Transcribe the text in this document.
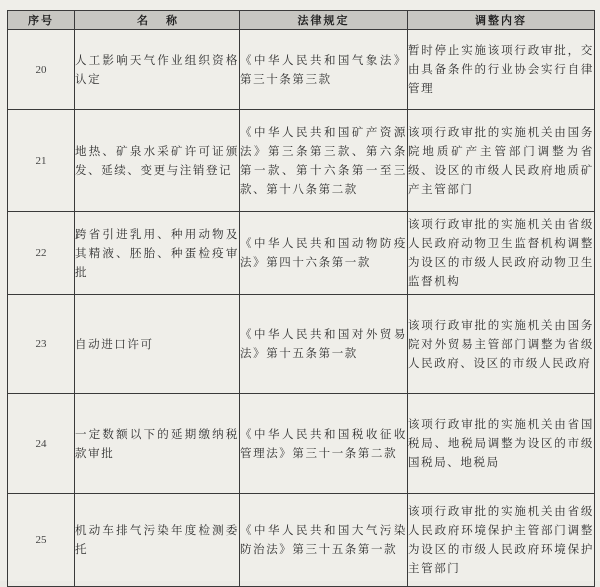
序号	名称	法律规定	调整内容
20	人工影响天气作业组织资格认定	《中华人民共和国气象法》第三十条第三款	暂时停止实施该项行政审批，交由具备条件的行业协会实行自律管理
21	地热、矿泉水采矿许可证颁发、延续、变更与注销登记	《中华人民共和国矿产资源法》第三条第三款、第六条第一款、第十六条第一至三款、第十八条第二款	该项行政审批的实施机关由国务院地质矿产主管部门调整为省级、设区的市级人民政府地质矿产主管部门
22	跨省引进乳用、种用动物及其精液、胚胎、种蛋检疫审批	《中华人民共和国动物防疫法》第四十六条第一款	该项行政审批的实施机关由省级人民政府动物卫生监督机构调整为设区的市级人民政府动物卫生监督机构
23	自动进口许可	《中华人民共和国对外贸易法》第十五条第一款	该项行政审批的实施机关由国务院对外贸易主管部门调整为省级人民政府、设区的市级人民政府
24	一定数额以下的延期缴纳税款审批	《中华人民共和国税收征收管理法》第三十一条第二款	该项行政审批的实施机关由省国税局、地税局调整为设区的市级国税局、地税局
25	机动车排气污染年度检测委托	《中华人民共和国大气污染防治法》第三十五条第一款	该项行政审批的实施机关由省级人民政府环境保护主管部门调整为设区的市级人民政府环境保护主管部门
